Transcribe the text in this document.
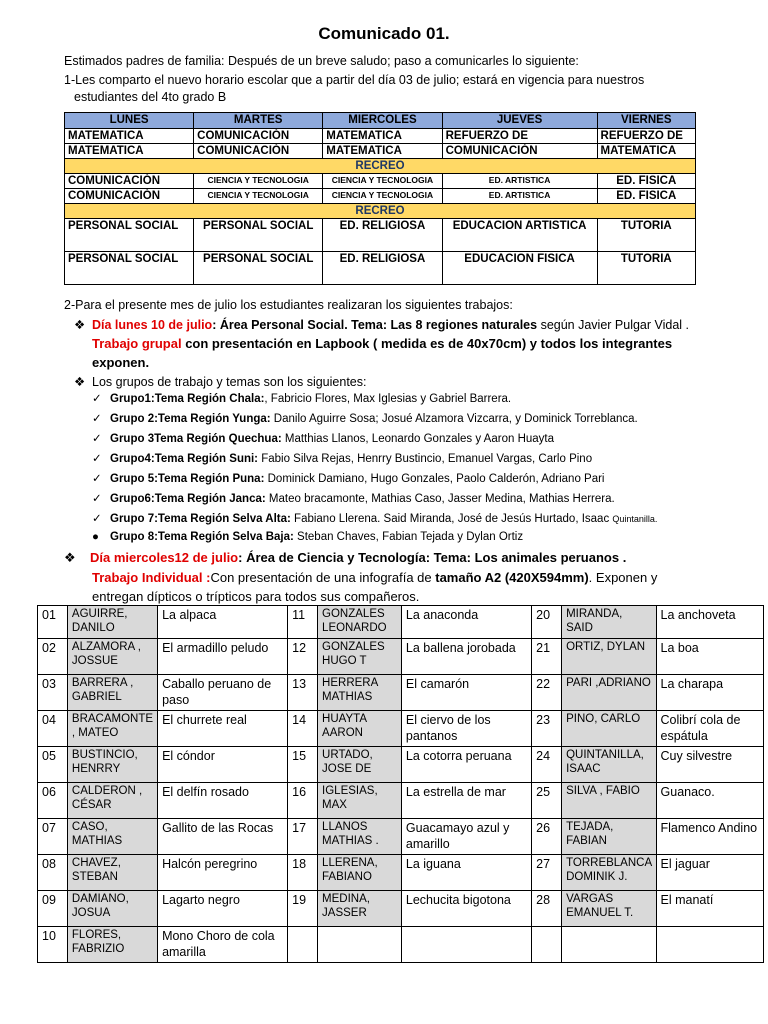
Comunicado 01.
Estimados padres de familia: Después de un breve saludo; paso a comunicarles lo siguiente:
1-Les comparto el nuevo horario escolar que a partir del día 03 de julio; estará en vigencia para nuestros
estudiantes del 4to grado B
LUNES	MARTES	MIERCOLES	JUEVES	VIERNES
MATEMATICA	COMUNICACIÓN	MATEMATICA	REFUERZO DE	REFUERZO DE
MATEMATICA	COMUNICACIÓN	MATEMATICA	COMUNICACIÓN	MATEMATICA
RECREO				
COMUNICACIÓN	CIENCIA Y TECNOLOGIA	CIENCIA Y TECNOLOGIA	ED. ARTISTICA	ED. FISICA
COMUNICACIÓN	CIENCIA Y TECNOLOGIA	CIENCIA Y TECNOLOGIA	ED. ARTISTICA	ED. FISICA
RECREO				
PERSONAL SOCIAL	PERSONAL SOCIAL	ED. RELIGIOSA	EDUCACION ARTISTICA	TUTORIA
PERSONAL SOCIAL	PERSONAL SOCIAL	ED. RELIGIOSA	EDUCACION FISICA	TUTORIA
2-Para el presente mes de julio los estudiantes realizaran los siguientes trabajos:
❖ Día lunes 10 de julio: Área Personal Social. Tema: Las 8 regiones naturales según Javier Pulgar Vidal .
Trabajo grupal con presentación en Lapbook ( medida es de 40x70cm) y todos los integrantes
exponen.
❖ Los grupos de trabajo y temas son los siguientes:
✓ Grupo1:Tema Región Chala:, Fabricio Flores, Max Iglesias y Gabriel Barrera.
✓ Grupo 2:Tema Región Yunga: Danilo Aguirre Sosa; Josué Alzamora Vizcarra, y Dominick Torreblanca.
✓ Grupo 3Tema Región Quechua: Matthias Llanos, Leonardo Gonzales y Aaron Huayta
✓ Grupo4:Tema Región Suni: Fabio Silva Rejas, Henrry Bustincio, Emanuel Vargas, Carlo Pino
✓ Grupo 5:Tema Región Puna: Dominick Damiano, Hugo Gonzales, Paolo Calderón, Adriano Pari
✓ Grupo6:Tema Región Janca: Mateo bracamonte, Mathias Caso, Jasser Medina, Mathias Herrera.
✓ Grupo 7:Tema Región Selva Alta: Fabiano Llerena. Said Miranda, José de Jesús Hurtado, Isaac Quintanilla.
● Grupo 8:Tema Región Selva Baja: Steban Chaves, Fabian Tejada y Dylan Ortiz
❖ Día miercoles12 de julio: Área de Ciencia y Tecnología: Tema: Los animales peruanos .
Trabajo Individual :Con presentación de una infografía de tamaño A2 (420X594mm). Exponen y
entregan dípticos o trípticos para todos sus compañeros.
01	AGUIRRE, DANILO	La alpaca	11	GONZALES LEONARDO	La anaconda	20	MIRANDA, SAID	La anchoveta
02	ALZAMORA , JOSSUE	El armadillo peludo	12	GONZALES HUGO T	La ballena jorobada	21	ORTIZ, DYLAN	La boa
03	BARRERA , GABRIEL	Caballo peruano de paso	13	HERRERA MATHIAS	El camarón	22	PARI ,ADRIANO	La charapa
04	BRACAMONTE , MATEO	El churrete real	14	HUAYTA AARON	El ciervo de los pantanos	23	PINO, CARLO	Colibrí cola de espátula
05	BUSTINCIO, HENRRY	El cóndor	15	URTADO, JOSE DE	La cotorra peruana	24	QUINTANILLA, ISAAC	Cuy silvestre
06	CALDERON , CÉSAR	El delfín rosado	16	IGLESIAS, MAX	La estrella de mar	25	SILVA , FABIO	Guanaco.
07	CASO, MATHIAS	Gallito de las Rocas	17	LLANOS MATHIAS .	Guacamayo azul y amarillo	26	TEJADA, FABIAN	Flamenco Andino
08	CHAVEZ, STEBAN	Halcón peregrino	18	LLERENA, FABIANO	La iguana	27	TORREBLANCA DOMINIK J.	El jaguar
09	DAMIANO, JOSUA	Lagarto negro	19	MEDINA, JASSER	Lechucita bigotona	28	VARGAS EMANUEL T.	El manatí
10	FLORES, FABRIZIO	Mono Choro de cola amarilla						
